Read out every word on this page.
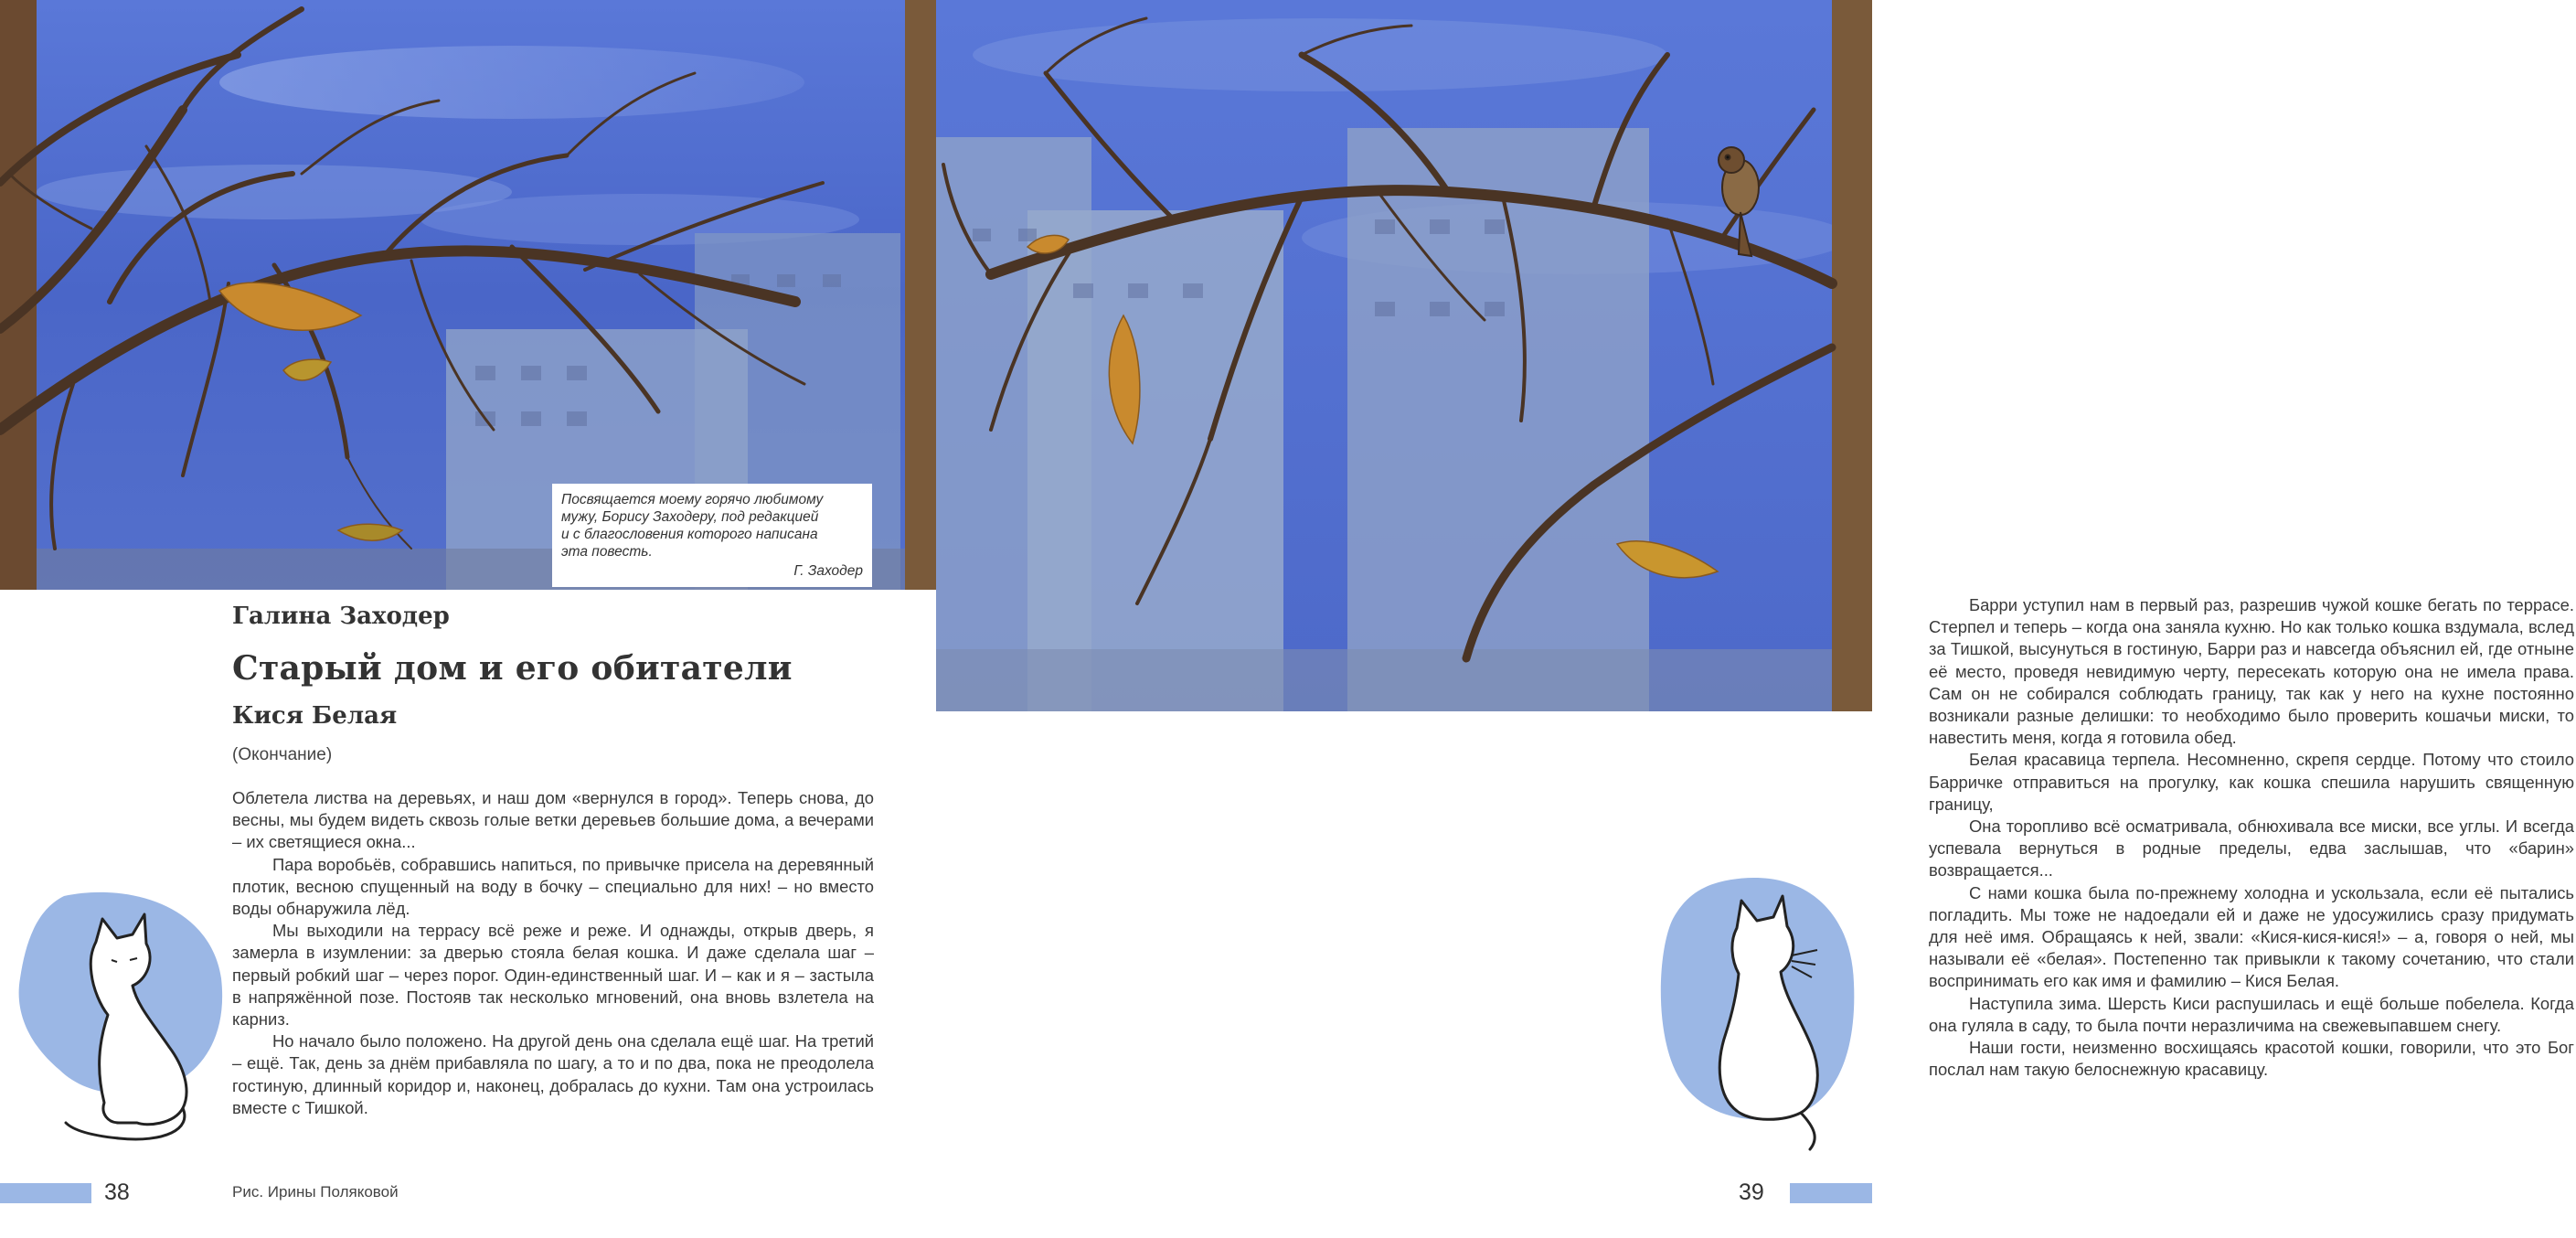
Посвящается моему горячо любимому
мужу, Борису Заходеру, под редакцией
и с благословения которого написана
эта повесть.
Г. Заходер
Галина Заходер
Старый дом и его обитатели
Кися Белая
(Окончание)

Облетела листва на деревьях, и наш дом «вернулся в город». Теперь снова, до весны, мы будем видеть сквозь голые ветки деревьев большие дома, а вечерами – их светящиеся окна...

Пара воробьёв, собравшись напиться, по привычке присела на деревянный плотик, весною спущенный на воду в бочку – специально для них! – но вместо воды обнаружила лёд.

Мы выходили на террасу всё реже и реже. И однажды, открыв дверь, я замерла в изумлении: за дверью стояла белая кошка. И даже сделала шаг – первый робкий шаг – через порог. Один-единственный шаг. И – как и я – застыла в напряжённой позе. Постояв так несколько мгновений, она вновь взлетела на карниз.

Но начало было положено. На другой день она сделала ещё шаг. На третий – ещё. Так, день за днём прибавляла по шагу, а то и по два, пока не преодолела гостиную, длинный коридор и, наконец, добралась до кухни. Там она устроилась вместе с Тишкой.

38	Рис. Ирины Поляковой

Барри уступил нам в первый раз, разрешив чужой кошке бегать по террасе. Стерпел и теперь – когда она заняла кухню. Но как только кошка вздумала, вслед за Тишкой, высунуться в гостиную, Барри раз и навсегда объяснил ей, где отныне её место, проведя невидимую черту, пересекать которую она не имела права. Сам он не собирался соблюдать границу, так как у него на кухне постоянно возникали разные делишки: то необходимо было проверить кошачьи миски, то навестить меня, когда я готовила обед.

Белая красавица терпела. Несомненно, скрепя сердце. Потому что стоило Барричке отправиться на прогулку, как кошка спешила нарушить священную границу,

Она торопливо всё осматривала, обнюхивала все миски, все углы. И всегда успевала вернуться в родные пределы, едва заслышав, что «барин» возвращается...

С нами кошка была по-прежнему холодна и ускользала, если её пытались погладить. Мы тоже не надоедали ей и даже не удосужились сразу придумать для неё имя. Обращаясь к ней, звали: «Кися-кися-кися!» – а, говоря о ней, мы называли её «белая». Постепенно так привыкли к такому сочетанию, что стали воспринимать его как имя и фамилию – Кися Белая.

Наступила зима. Шерсть Киси распушилась и ещё больше побелела. Когда она гуляла в саду, то была почти неразличима на свежевыпавшем снегу.

Наши гости, неизменно восхищаясь красотой кошки, говорили, что это Бог послал нам такую белоснежную красавицу.

39
